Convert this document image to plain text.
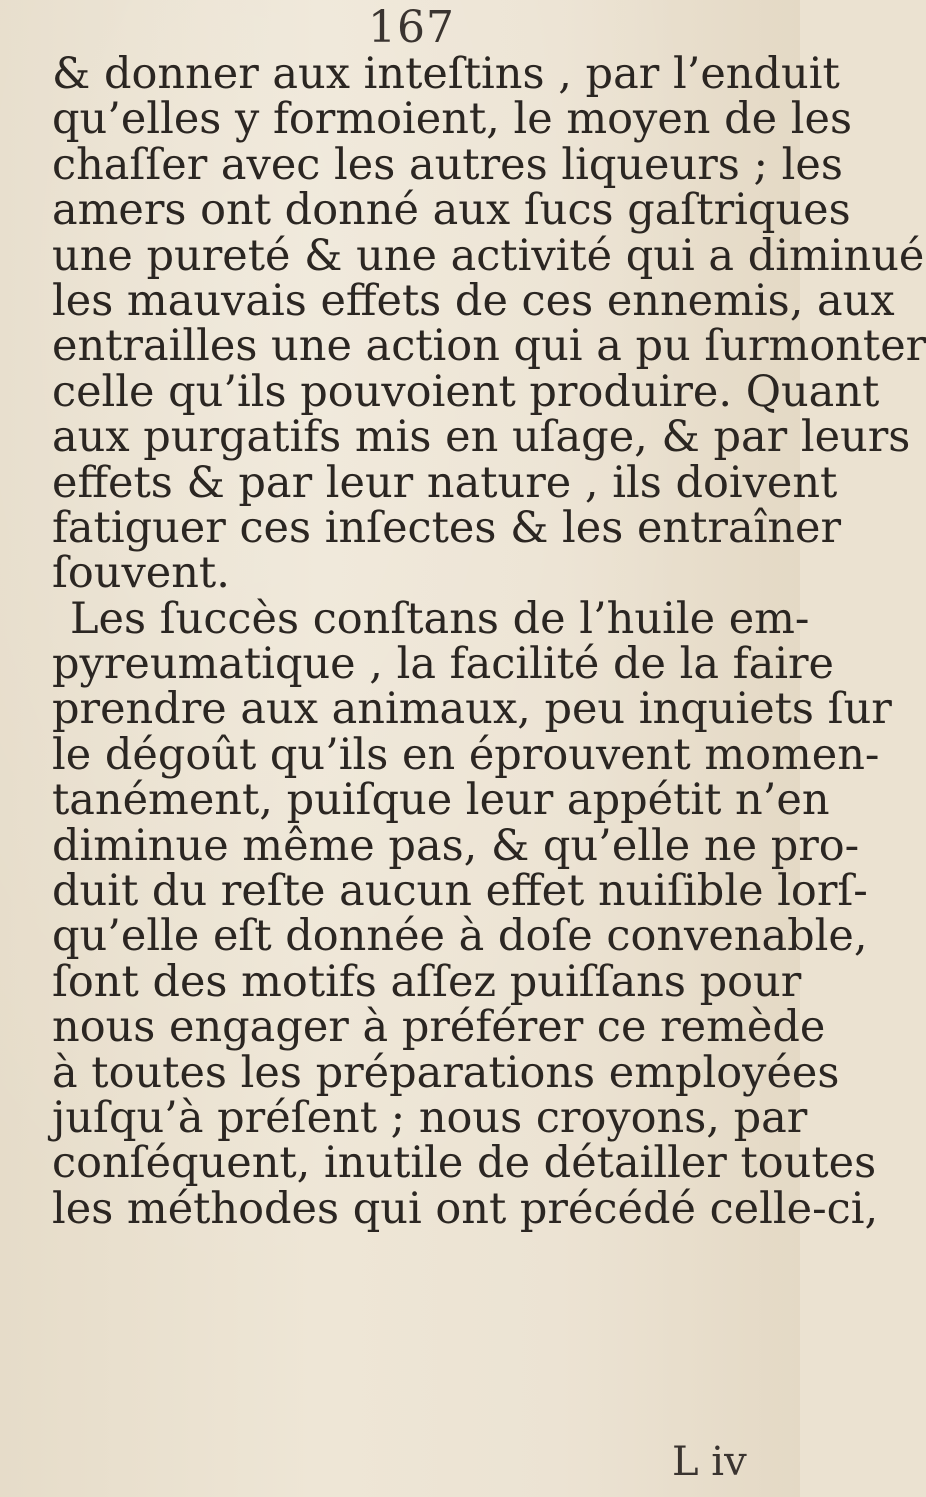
167
& donner aux inteſtins , par l’enduit
qu’elles y formoient, le moyen de les
chaſſer avec les autres liqueurs ; les
amers ont donné aux ſucs gaſtriques
une pureté & une activité qui a diminué
les mauvais effets de ces ennemis, aux
entrailles une action qui a pu ſurmonter
celle qu’ils pouvoient produire. Quant
aux purgatifs mis en uſage, & par leurs
effets & par leur nature , ils doivent
fatiguer ces inſectes & les entraîner
ſouvent.
Les ſuccès conſtans de l’huile em-
pyreumatique , la facilité de la faire
prendre aux animaux, peu inquiets ſur
le dégoût qu’ils en éprouvent momen-
tanément, puiſque leur appétit n’en
diminue même pas, & qu’elle ne pro-
duit du reſte aucun effet nuiſible lorſ-
qu’elle eſt donnée à doſe convenable,
ſont des motifs aſſez puiſſans pour
nous engager à préférer ce remède
à toutes les préparations employées
juſqu’à préſent ; nous croyons, par
conſéquent, inutile de détailler toutes
les méthodes qui ont précédé celle-ci,
L iv
